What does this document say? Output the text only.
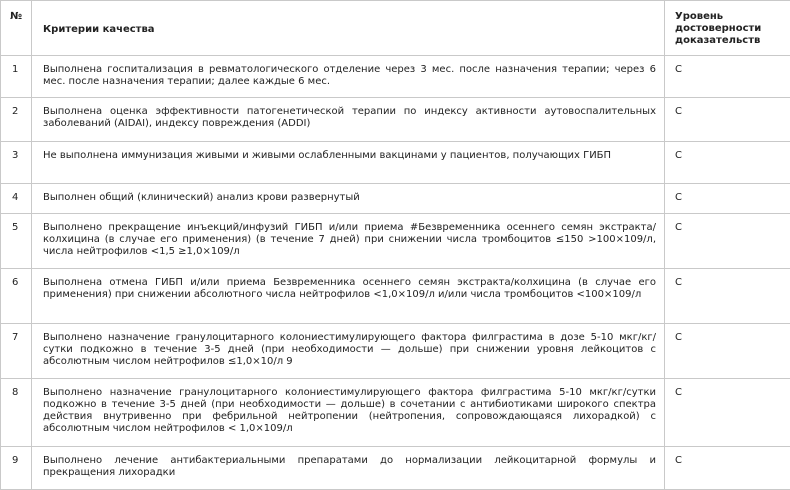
№	Критерии качества	Уровень достоверности доказательств
1	Выполнена госпитализация в ревматологического отделение через 3 мес. после назначения терапии; через 6 мес. после назначения терапии; далее каждые 6 мес.	C
2	Выполнена оценка эффективности патогенетической терапии по индексу активности аутовоспалительных заболеваний (AIDAI), индексу повреждения (ADDI)	C
3	Не выполнена иммунизация живыми и живыми ослабленными вакцинами у пациентов, получающих ГИБП	C
4	Выполнен общий (клинический) анализ крови развернутый	C
5	Выполнено прекращение инъекций/инфузий ГИБП и/или приема #Безвременника осеннего семян экстракта/колхицина (в случае его применения) (в течение 7 дней) при снижении числа тромбоцитов ≤150 >100×109/л, числа нейтрофилов <1,5 ≥1,0×109/л	C
6	Выполнена отмена ГИБП и/или приема Безвременника осеннего семян экстракта/колхицина (в случае его применения) при снижении абсолютного числа нейтрофилов <1,0×109/л и/или числа тромбоцитов <100×109/л	C
7	Выполнено назначение гранулоцитарного колониестимулирующего фактора филграстима в дозе 5-10 мкг/кг/сутки подкожно в течение 3-5 дней (при необходимости — дольше) при снижении уровня лейкоцитов с абсолютным числом нейтрофилов ≤1,0×10/л 9	C
8	Выполнено назначение гранулоцитарного колониестимулирующего фактора филграстима 5-10 мкг/кг/сутки подкожно в течение 3-5 дней (при необходимости — дольше) в сочетании с антибиотиками широкого спектра действия внутривенно при фебрильной нейтропении (нейтропения, сопровождающаяся лихорадкой) с абсолютным числом нейтрофилов < 1,0×109/л	C
9	Выполнено лечение антибактериальными препаратами до нормализации лейкоцитарной формулы и прекращения лихорадки	C
